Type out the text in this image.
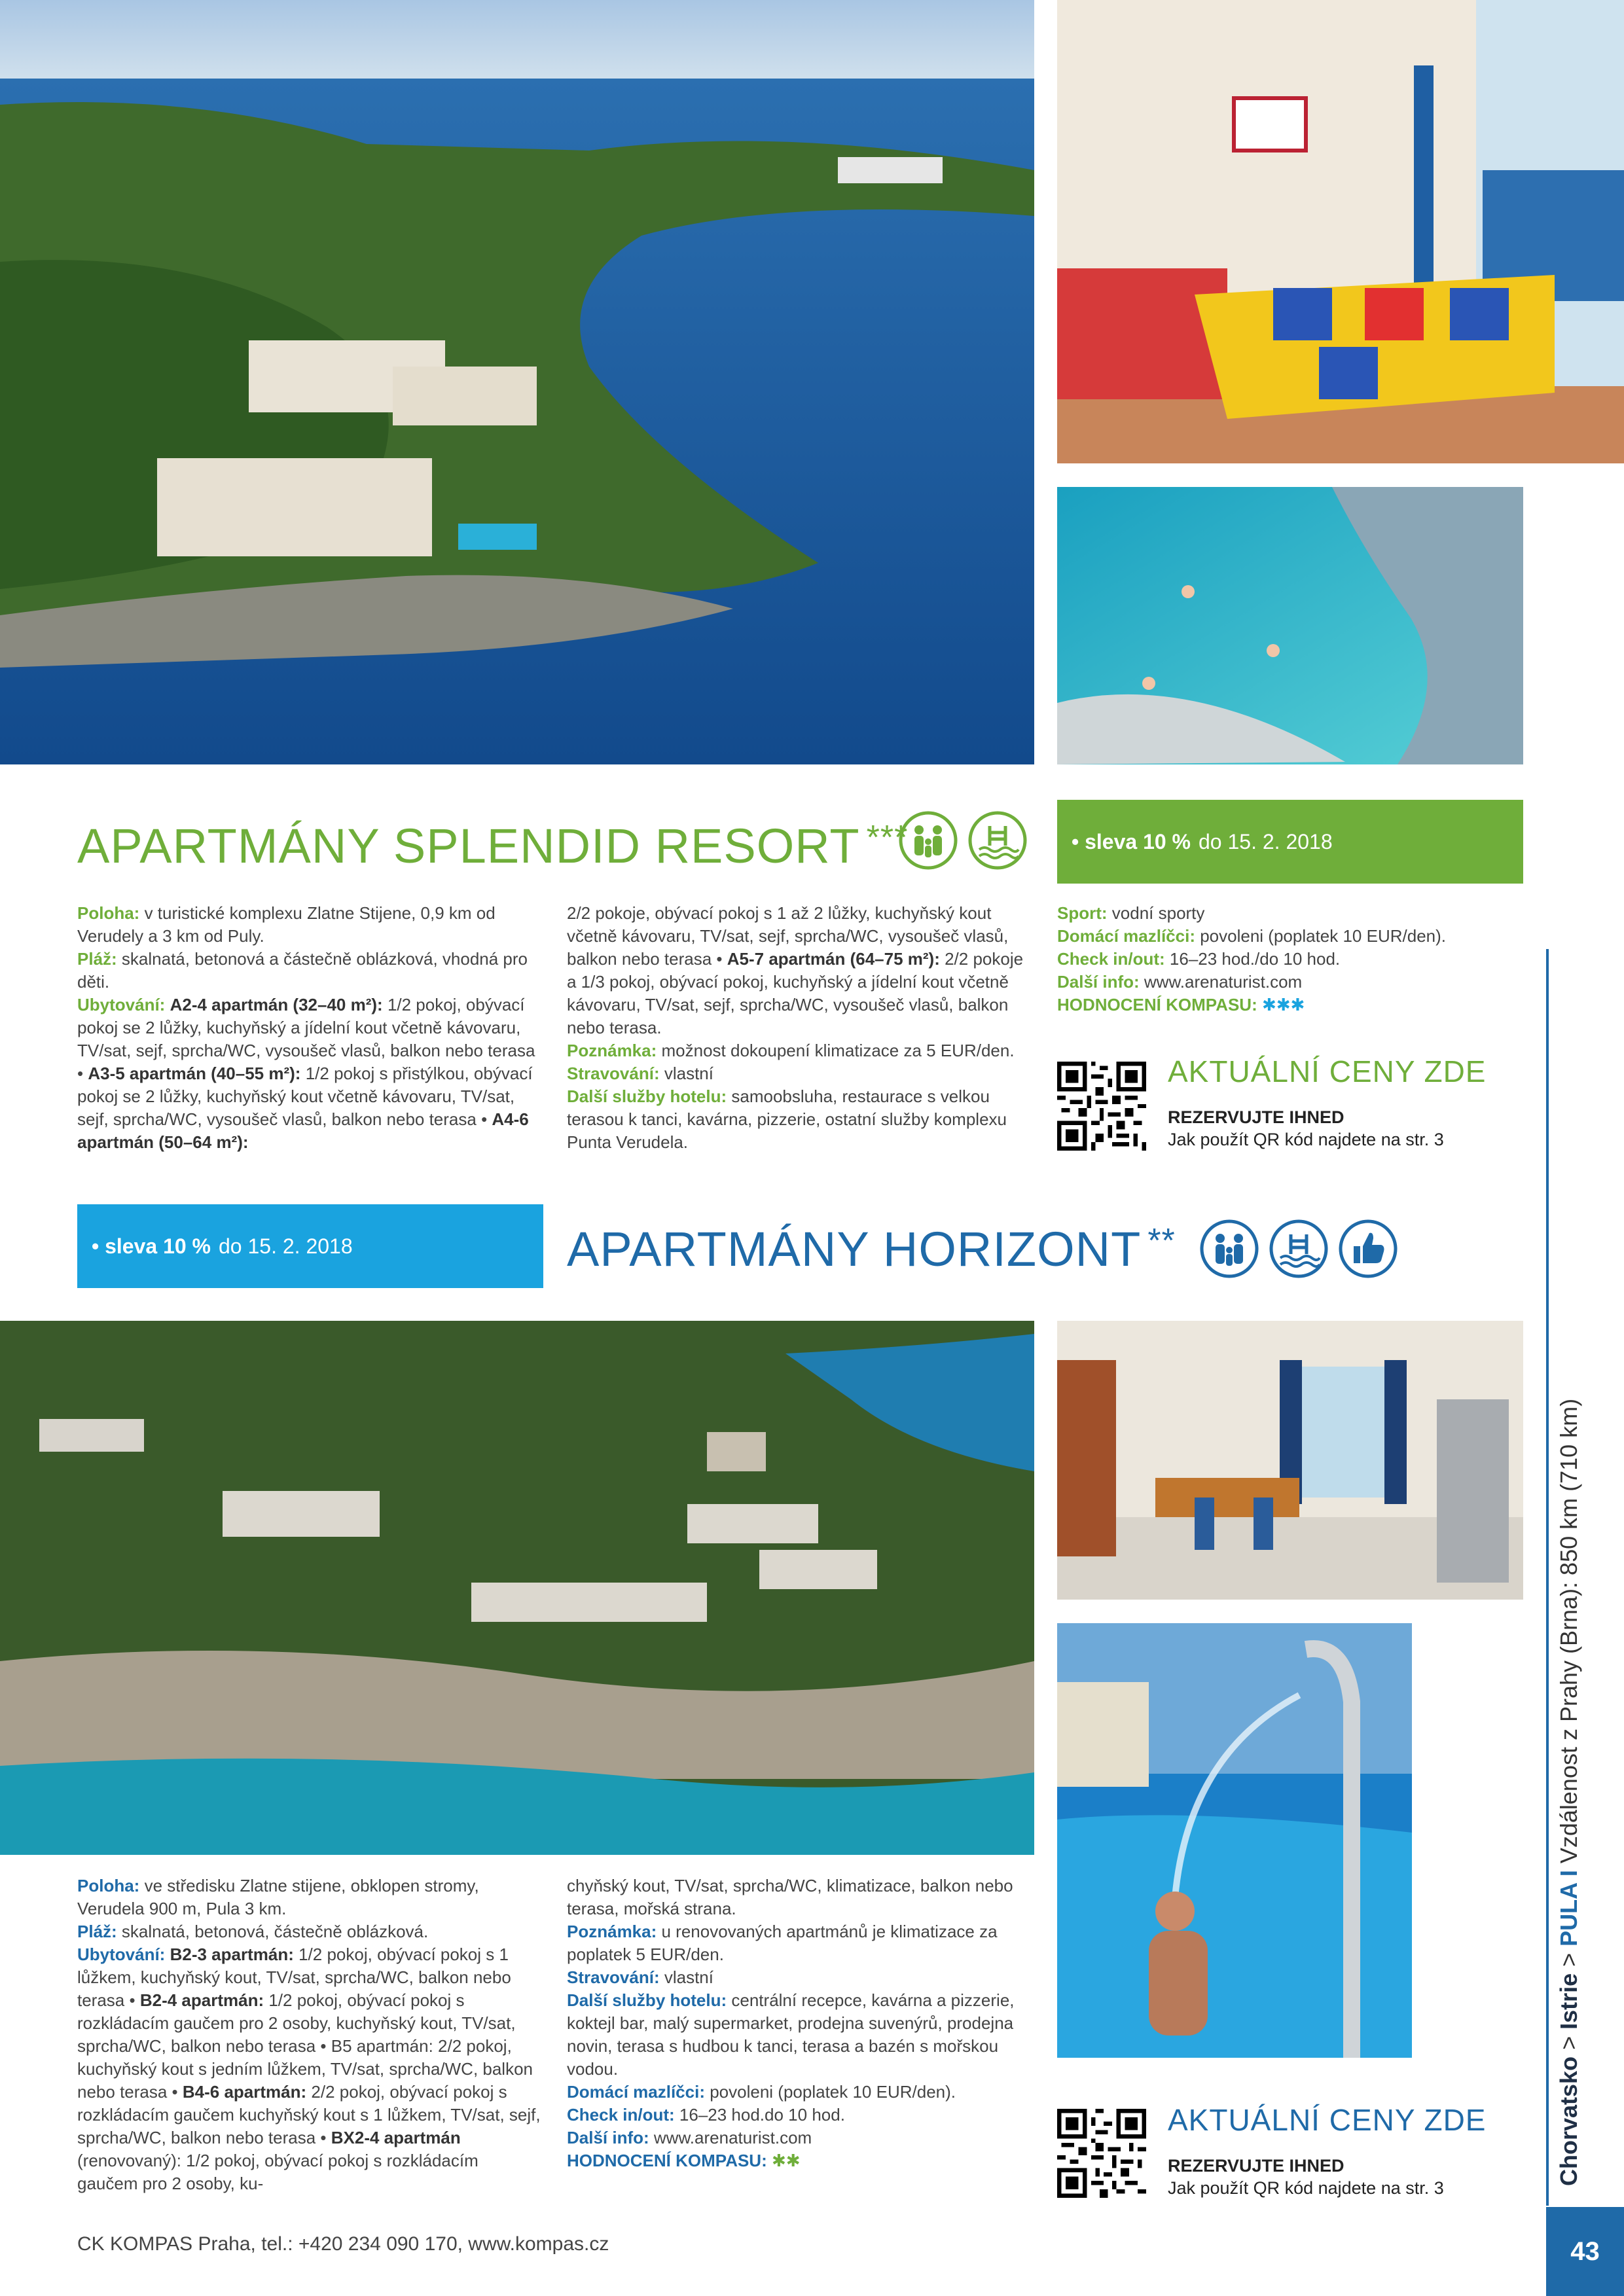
APARTMÁNY SPLENDID RESORT ***	• sleva 10 % do 15. 2. 2018

Poloha: v turistické komplexu Zlatne Stijene, 0,9 km od Verudely a 3 km od Puly.

Pláž: skalnatá, betonová a částečně oblázková, vhodná pro děti.

Ubytování: A2-4 apartmán (32–40 m²): 1/2 pokoj, obývací pokoj se 2 lůžky, kuchyňský a jídelní kout včetně kávovaru, TV/sat, sejf, sprcha/WC, vysoušeč vlasů, balkon nebo terasa • A3-5 apartmán (40–55 m²): 1/2 pokoj s přistýlkou, obývací pokoj se 2 lůžky, kuchyňský kout včetně kávovaru, TV/sat, sejf, sprcha/WC, vysoušeč vlasů, balkon nebo terasa • A4-6 apartmán (50–64 m²):

2/2 pokoje, obývací pokoj s 1 až 2 lůžky, kuchyňský kout včetně kávovaru, TV/sat, sejf, sprcha/WC, vysoušeč vlasů, balkon nebo terasa • A5-7 apartmán (64–75 m²): 2/2 pokoje a 1/3 pokoj, obývací pokoj, kuchyňský a jídelní kout včetně kávovaru, TV/sat, sejf, sprcha/WC, vysoušeč vlasů, balkon nebo terasa.

Poznámka: možnost dokoupení klimatizace za 5 EUR/den.

Stravování: vlastní

Další služby hotelu: samoobsluha, restaurace s velkou terasou k tanci, kavárna, pizzerie, ostatní služby komplexu Punta Verudela.

Sport: vodní sporty

Domácí mazlíčci: povoleni (poplatek 10 EUR/den).

Check in/out: 16–23 hod./do 10 hod.

Další info: www.arenaturist.com

HODNOCENÍ KOMPASU: ✱✱✱

AKTUÁLNÍ CENY ZDE
REZERVUJTE IHNED
Jak použít QR kód najdete na str. 3
• sleva 10 % do 15. 2. 2018	APARTMÁNY HORIZONT **

Poloha: ve středisku Zlatne stijene, obklopen stromy, Verudela 900 m, Pula 3 km.

Pláž: skalnatá, betonová, částečně oblázková.

Ubytování: B2-3 apartmán: 1/2 pokoj, obývací pokoj s 1 lůžkem, kuchyňský kout, TV/sat, sprcha/WC, balkon nebo terasa • B2-4 apartmán: 1/2 pokoj, obývací pokoj s rozkládacím gaučem pro 2 osoby, kuchyňský kout, TV/sat, sprcha/WC, balkon nebo terasa • B5 apartmán: 2/2 pokoj, kuchyňský kout s jedním lůžkem, TV/sat, sprcha/WC, balkon nebo terasa • B4-6 apartmán: 2/2 pokoj, obývací pokoj s rozkládacím gaučem kuchyňský kout s 1 lůžkem, TV/sat, sejf, sprcha/WC, balkon nebo terasa • BX2-4 apartmán (renovovaný): 1/2 pokoj, obývací pokoj s rozkládacím gaučem pro 2 osoby, ku-

chyňský kout, TV/sat, sprcha/WC, klimatizace, balkon nebo terasa, mořská strana.

Poznámka: u renovovaných apartmánů je klimatizace za poplatek 5 EUR/den.

Stravování: vlastní

Další služby hotelu: centrální recepce, kavárna a pizzerie, koktejl bar, malý supermarket, prodejna suvenýrů, prodejna novin, terasa s hudbou k tanci, terasa a bazén s mořskou vodou.

Domácí mazlíčci: povoleni (poplatek 10 EUR/den).

Check in/out: 16–23 hod.do 10 hod.

Další info: www.arenaturist.com

HODNOCENÍ KOMPASU: ✱✱

AKTUÁLNÍ CENY ZDE
REZERVUJTE IHNED
Jak použít QR kód najdete na str. 3
CK KOMPAS Praha, tel.: +420 234 090 170, www.kompas.cz
Chorvatsko > Istrie > PULA I Vzdálenost z Prahy (Brna): 850 km (710 km)
43
